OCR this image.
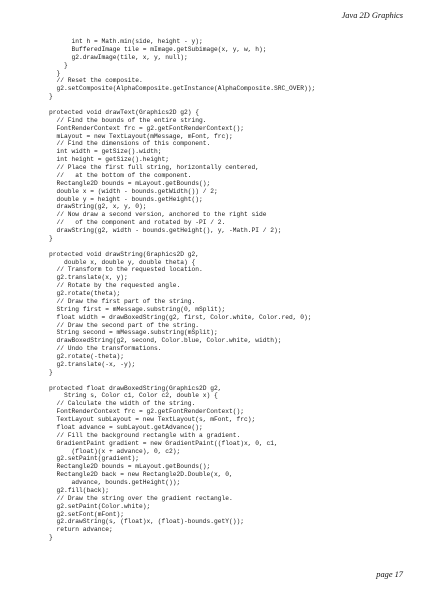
Java 2D Graphics
int h = Math.min(side, height - y);
BufferedImage tile = mImage.getSubimage(x, y, w, h);
g2.drawImage(tile, x, y, null);
}
}
// Reset the composite.
g2.setComposite(AlphaComposite.getInstance(AlphaComposite.SRC_OVER));
}
protected void drawText(Graphics2D g2) {
// Find the bounds of the entire string.
FontRenderContext frc = g2.getFontRenderContext();
mLayout = new TextLayout(mMessage, mFont, frc);
// Find the dimensions of this component.
int width = getSize().width;
int height = getSize().height;
// Place the first full string, horizontally centered,
//   at the bottom of the component.
Rectangle2D bounds = mLayout.getBounds();
double x = (width - bounds.getWidth()) / 2;
double y = height - bounds.getHeight();
drawString(g2, x, y, 0);
// Now draw a second version, anchored to the right side
//   of the component and rotated by -PI / 2.
drawString(g2, width - bounds.getHeight(), y, -Math.PI / 2);
}
protected void drawString(Graphics2D g2,
double x, double y, double theta) {
// Transform to the requested location.
g2.translate(x, y);
// Rotate by the requested angle.
g2.rotate(theta);
// Draw the first part of the string.
String first = mMessage.substring(0, mSplit);
float width = drawBoxedString(g2, first, Color.white, Color.red, 0);
// Draw the second part of the string.
String second = mMessage.substring(mSplit);
drawBoxedString(g2, second, Color.blue, Color.white, width);
// Undo the transformations.
g2.rotate(-theta);
g2.translate(-x, -y);
}
protected float drawBoxedString(Graphics2D g2,
String s, Color c1, Color c2, double x) {
// Calculate the width of the string.
FontRenderContext frc = g2.getFontRenderContext();
TextLayout subLayout = new TextLayout(s, mFont, frc);
float advance = subLayout.getAdvance();
// Fill the background rectangle with a gradient.
GradientPaint gradient = new GradientPaint((float)x, 0, c1,
(float)(x + advance), 0, c2);
g2.setPaint(gradient);
Rectangle2D bounds = mLayout.getBounds();
Rectangle2D back = new Rectangle2D.Double(x, 0,
advance, bounds.getHeight());
g2.fill(back);
// Draw the string over the gradient rectangle.
g2.setPaint(Color.white);
g2.setFont(mFont);
g2.drawString(s, (float)x, (float)-bounds.getY());
return advance;
}
page 17
